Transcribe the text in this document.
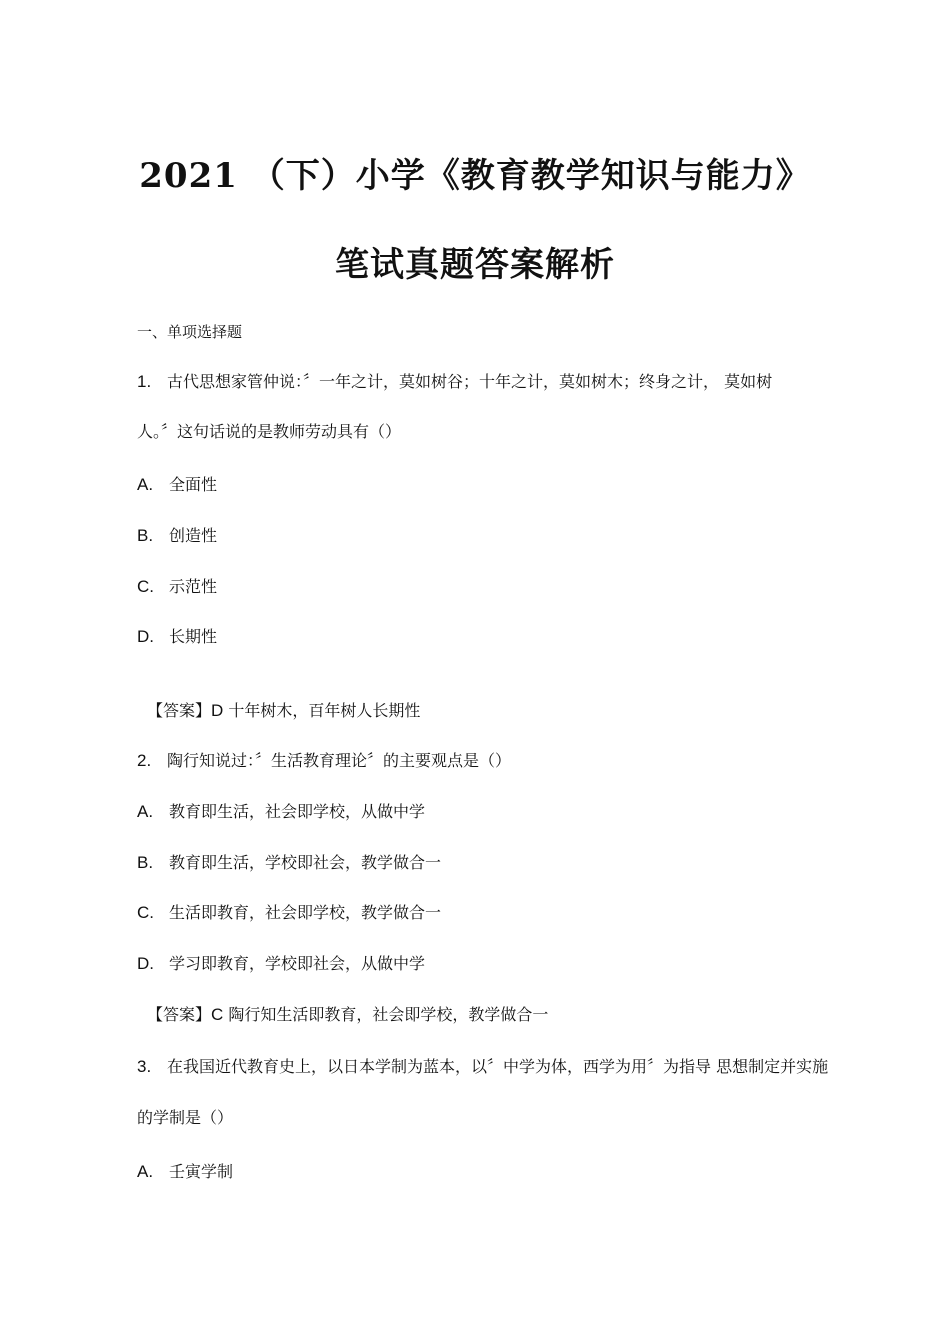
2021 （下）小学《教育教学知识与能力》
笔试真题答案解析
一、单项选择题
1. 古代思想家管仲说：〞一年之计，莫如树谷；十年之计，莫如树木；终身之计， 莫如树
人。〞这句话说的是教师劳动具有（）
A. 全面性
B. 创造性
C. 示范性
D. 长期性
【答案】D 十年树木，百年树人长期性
2. 陶行知说过：〞生活教育理论〞的主要观点是（）
A. 教育即生活，社会即学校，从做中学
B. 教育即生活，学校即社会，教学做合一
C. 生活即教育，社会即学校，教学做合一
D. 学习即教育，学校即社会，从做中学
【答案】C 陶行知生活即教育，社会即学校，教学做合一
3. 在我国近代教育史上，以日本学制为蓝本，以〞中学为体，西学为用〞为指导 思想制定并实施
的学制是（）
A. 壬寅学制
